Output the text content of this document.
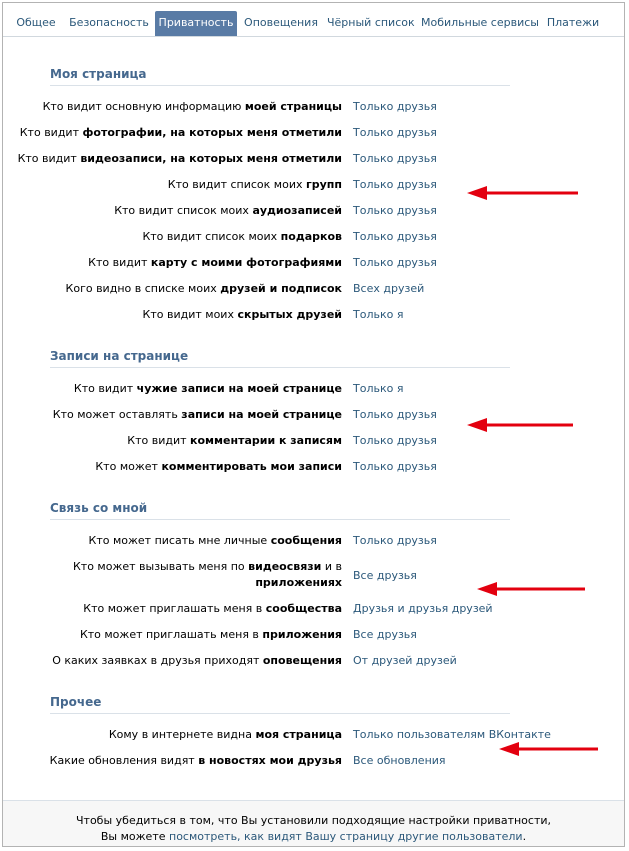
Общее	Безопасность Приватность Оповещения Чёрный список Мобильные сервисы Платежи
Моя страница
Кто видит основную информацию моей страницы Только друзья
Кто видит фотографии, на которых меня отметили Только друзья
Кто видит видеозаписи, на которых меня отметили Только друзья
Кто видит список моих групп Только друзья
Кто видит список моих аудиозаписей Только друзья
Кто видит список моих подарков Только друзья
Кто видит карту с моими фотографиями Только друзья
Кого видно в списке моих друзей и подписок Всех друзей
Кто видит моих скрытых друзей Только я
Записи на странице
Кто видит чужие записи на моей странице Только я
Кто может оставлять записи на моей странице Только друзья
Кто видит комментарии к записям Только друзья
Кто может комментировать мои записи Только друзья
Связь со мной
Кто может писать мне личные сообщения Только друзья
Кто может вызывать меня по видеосвязи и в
приложениях
Все друзья
Кто может приглашать меня в сообщества Друзья и друзья друзей
Кто может приглашать меня в приложения Все друзья
О каких заявках в друзья приходят оповещения От друзей друзей
Прочее
Кому в интернете видна моя страница Только пользователям ВКонтакте
Какие обновления видят в новостях мои друзья Все обновления
Чтобы убедиться в том, что Вы установили подходящие настройки приватности,
Вы можете посмотреть, как видят Вашу страницу другие пользователи.
